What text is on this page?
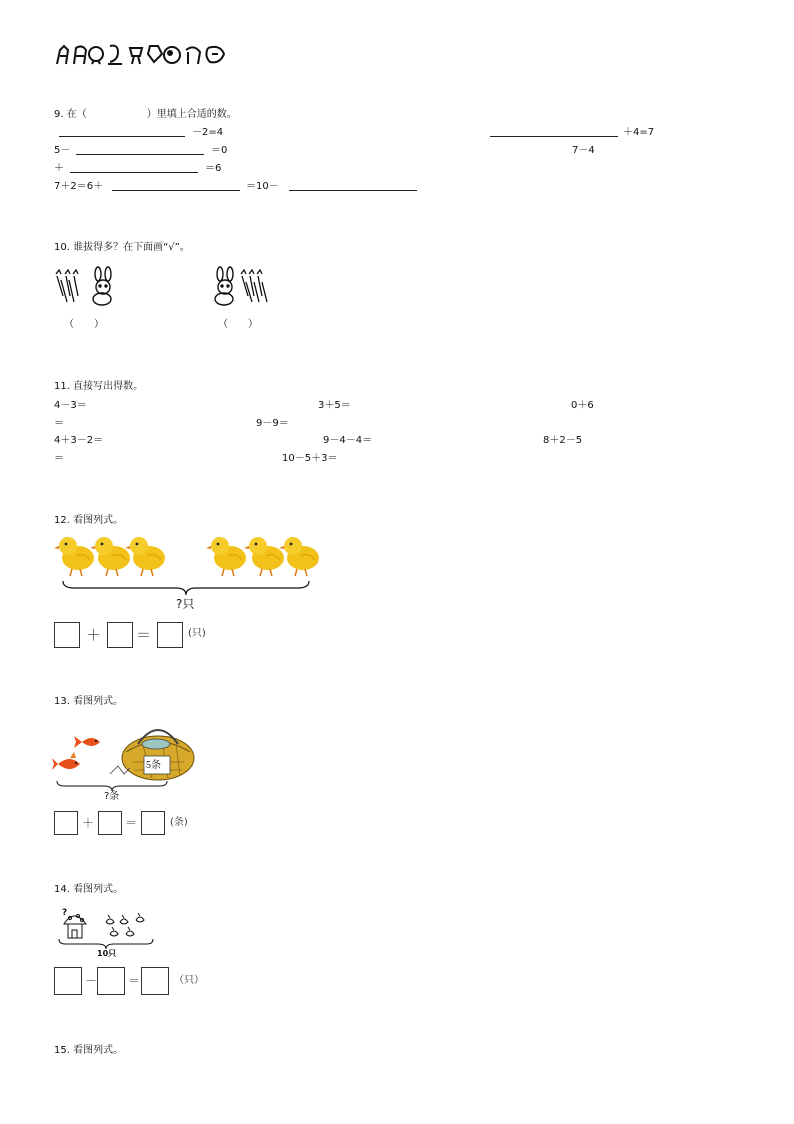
9. 在（　　　　　　）里填上合适的数。
－2=4	＋4=7
5－	＝0	7－4
＋	＝6
7＋2＝6＋	＝10－
10. 谁拔得多？在下面画“√”。
（　　）	（　　）
11. 直接写出得数。
4－3＝	3＋5＝	0＋6
＝	9－9＝
4＋3－2＝	9－4－4＝	8＋2－5
＝	10－5＋3＝
12. 看图列式。
?只
＋ ＝	(只)
13. 看图列式。
5条
?条
＋	＝	(条)
14. 看图列式。
?
10只
－	＝	（只）
15. 看图列式。
